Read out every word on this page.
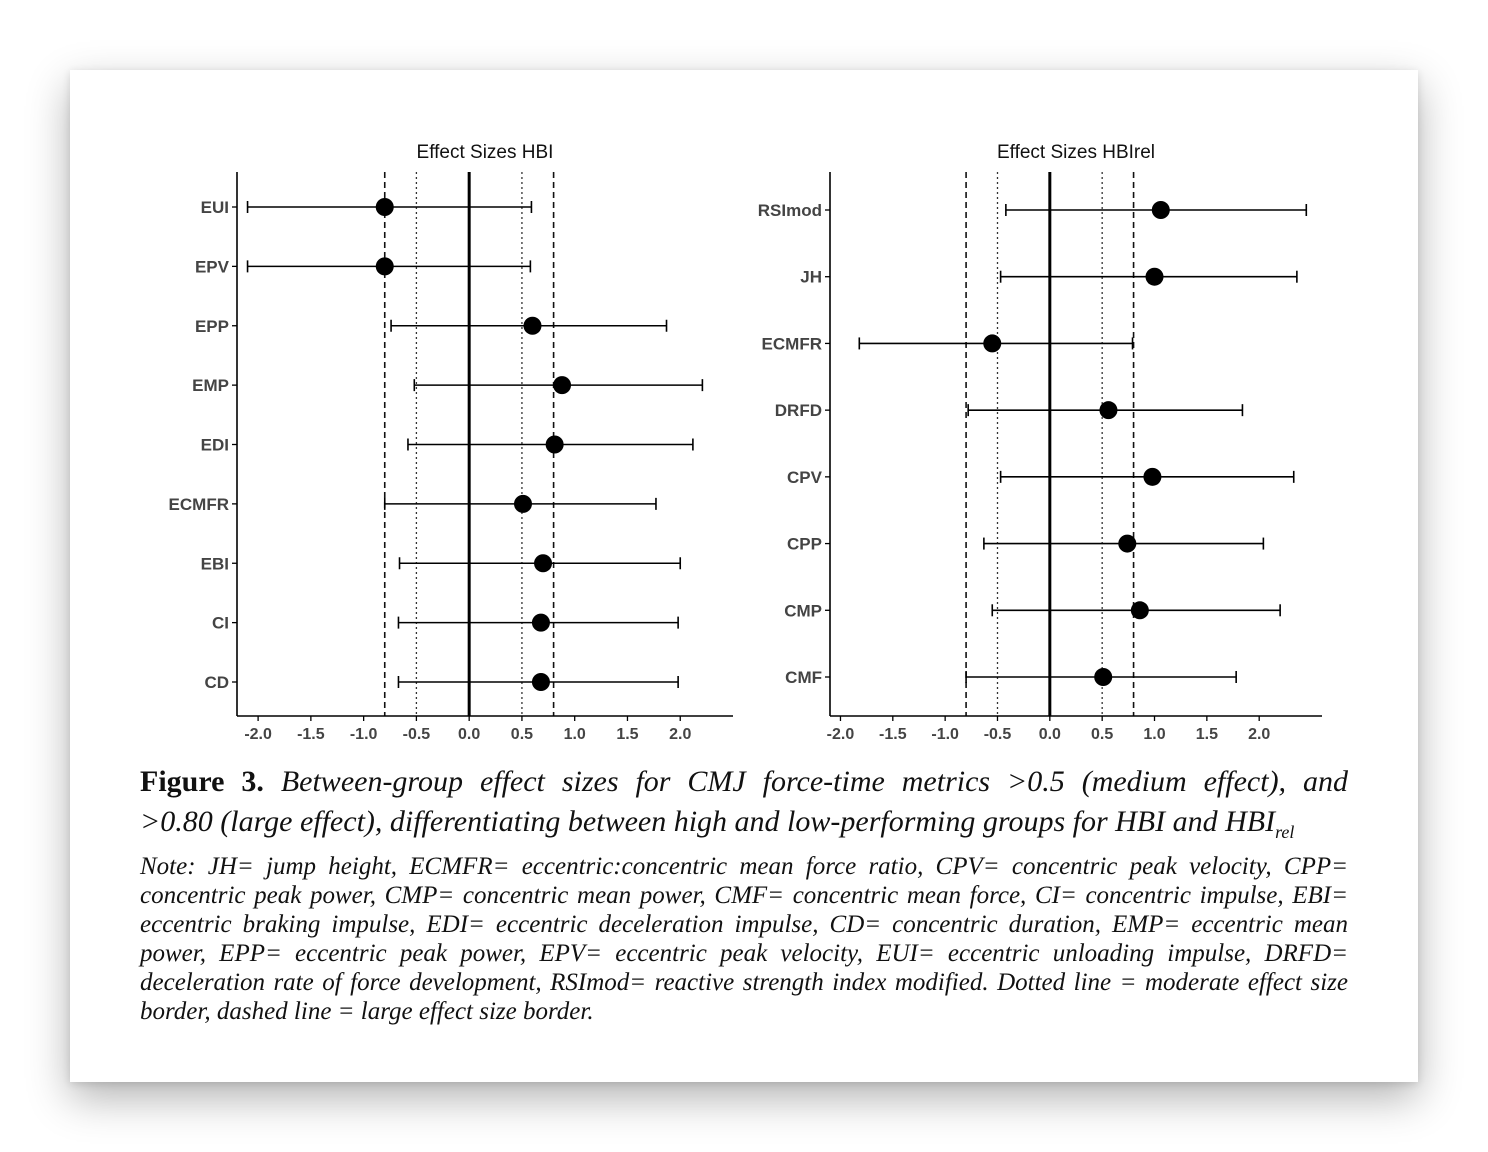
Effect Sizes HBI
-2.0 -1.5 -1.0 -0.5 0.0 0.5 1.0 1.5 2.0
EUI
EPV
EPP
EMP
EDI
ECMFR
EBI
CI
CD
Effect Sizes HBIrel
-2.0 -1.5 -1.0 -0.5 0.0 0.5 1.0 1.5 2.0
RSImod
JH
ECMFR
DRFD
CPV
CPP
CMP
CMF
Figure 3. Between-group effect sizes for CMJ force-time metrics >0.5 (medium effect), and
>0.80 (large effect), differentiating between high and low-performing groups for HBI and $HBI_{rel}$
Note: JH= jump height, ECMFR= eccentric:concentric mean force ratio, CPV= concentric peak velocity, CPP= concentric peak power, CMP= concentric mean power, CMF= concentric mean force, CI= concentric impulse, EBI= eccentric braking impulse, EDI= eccentric deceleration impulse, CD= concentric duration, EMP= eccentric mean power, EPP= eccentric peak power, EPV= eccentric peak velocity, EUI= eccentric unloading impulse, DRFD= deceleration rate of force development, RSImod= reactive strength index modified. Dotted line = moderate effect size border, dashed line = large effect size border.
